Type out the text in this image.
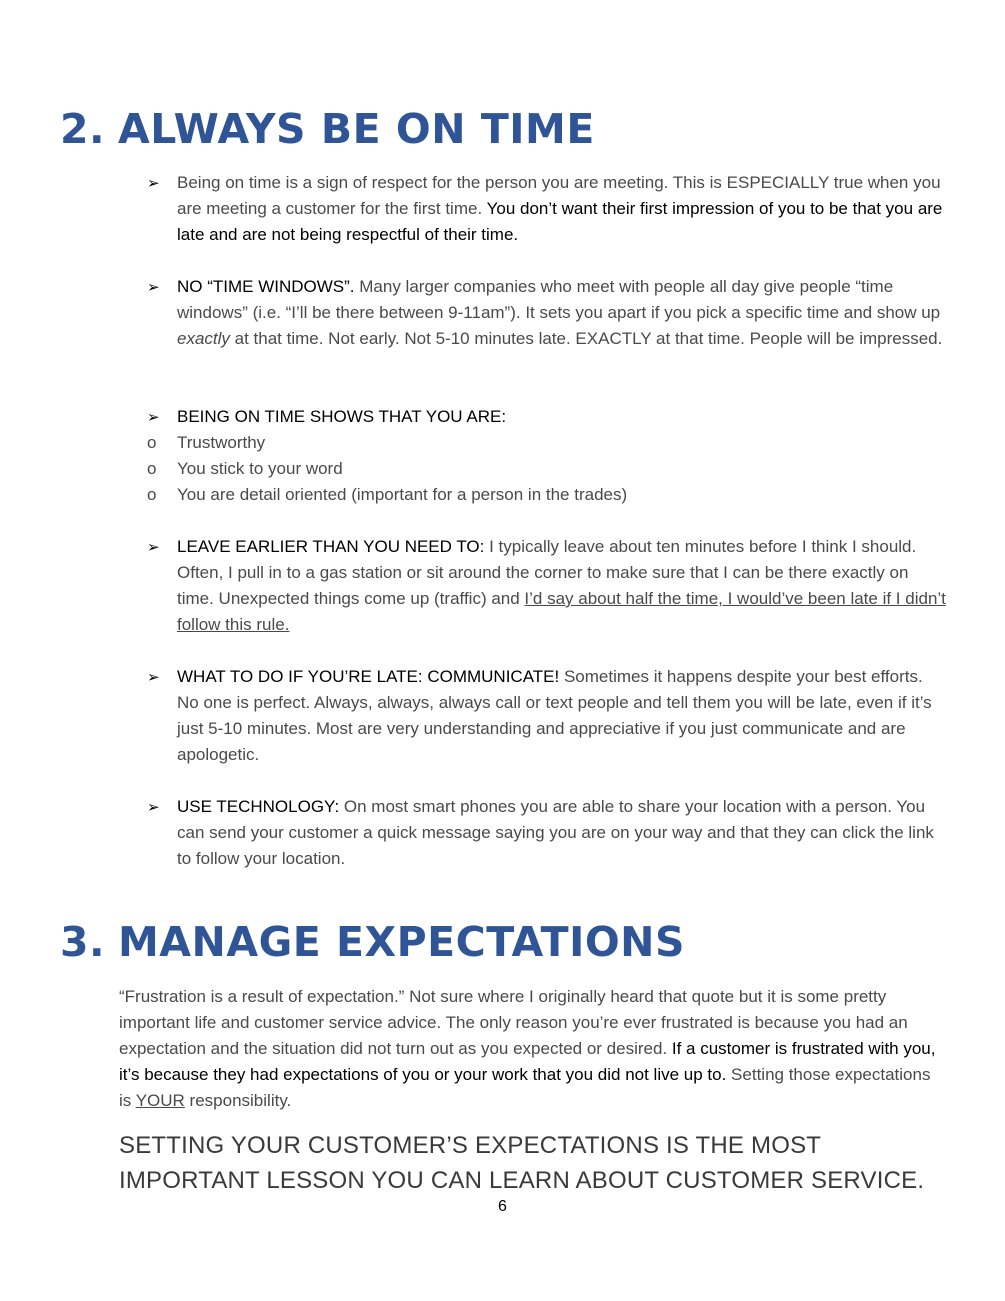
2. ALWAYS BE ON TIME
➢	Being on time is a sign of respect for the person you are meeting. This is ESPECIALLY true when you are meeting a customer for the first time. You don’t want their first impression of you to be that you are late and are not being respectful of their time.
➢	NO “TIME WINDOWS”. Many larger companies who meet with people all day give people “time windows” (i.e. “I’ll be there between 9-11am”). It sets you apart if you pick a specific time and show up exactly at that time. Not early. Not 5-10 minutes late. EXACTLY at that time. People will be impressed.
➢	BEING ON TIME SHOWS THAT YOU ARE:
o Trustworthy
o You stick to your word
o You are detail oriented (important for a person in the trades)
➢	LEAVE EARLIER THAN YOU NEED TO: I typically leave about ten minutes before I think I should. Often, I pull in to a gas station or sit around the corner to make sure that I can be there exactly on time. Unexpected things come up (traffic) and I’d say about half the time, I would’ve been late if I didn’t follow this rule.
➢	WHAT TO DO IF YOU’RE LATE: COMMUNICATE! Sometimes it happens despite your best efforts. No one is perfect. Always, always, always call or text people and tell them you will be late, even if it’s just 5-10 minutes. Most are very understanding and appreciative if you just communicate and are apologetic.
➢	USE TECHNOLOGY: On most smart phones you are able to share your location with a person. You can send your customer a quick message saying you are on your way and that they can click the link to follow your location.
3. MANAGE EXPECTATIONS
“Frustration is a result of expectation.” Not sure where I originally heard that quote but it is some pretty important life and customer service advice. The only reason you’re ever frustrated is because you had an expectation and the situation did not turn out as you expected or desired. If a customer is frustrated with you, it’s because they had expectations of you or your work that you did not live up to. Setting those expectations is YOUR responsibility.
SETTING YOUR CUSTOMER’S EXPECTATIONS IS THE MOST IMPORTANT LESSON YOU CAN LEARN ABOUT CUSTOMER SERVICE.
6
